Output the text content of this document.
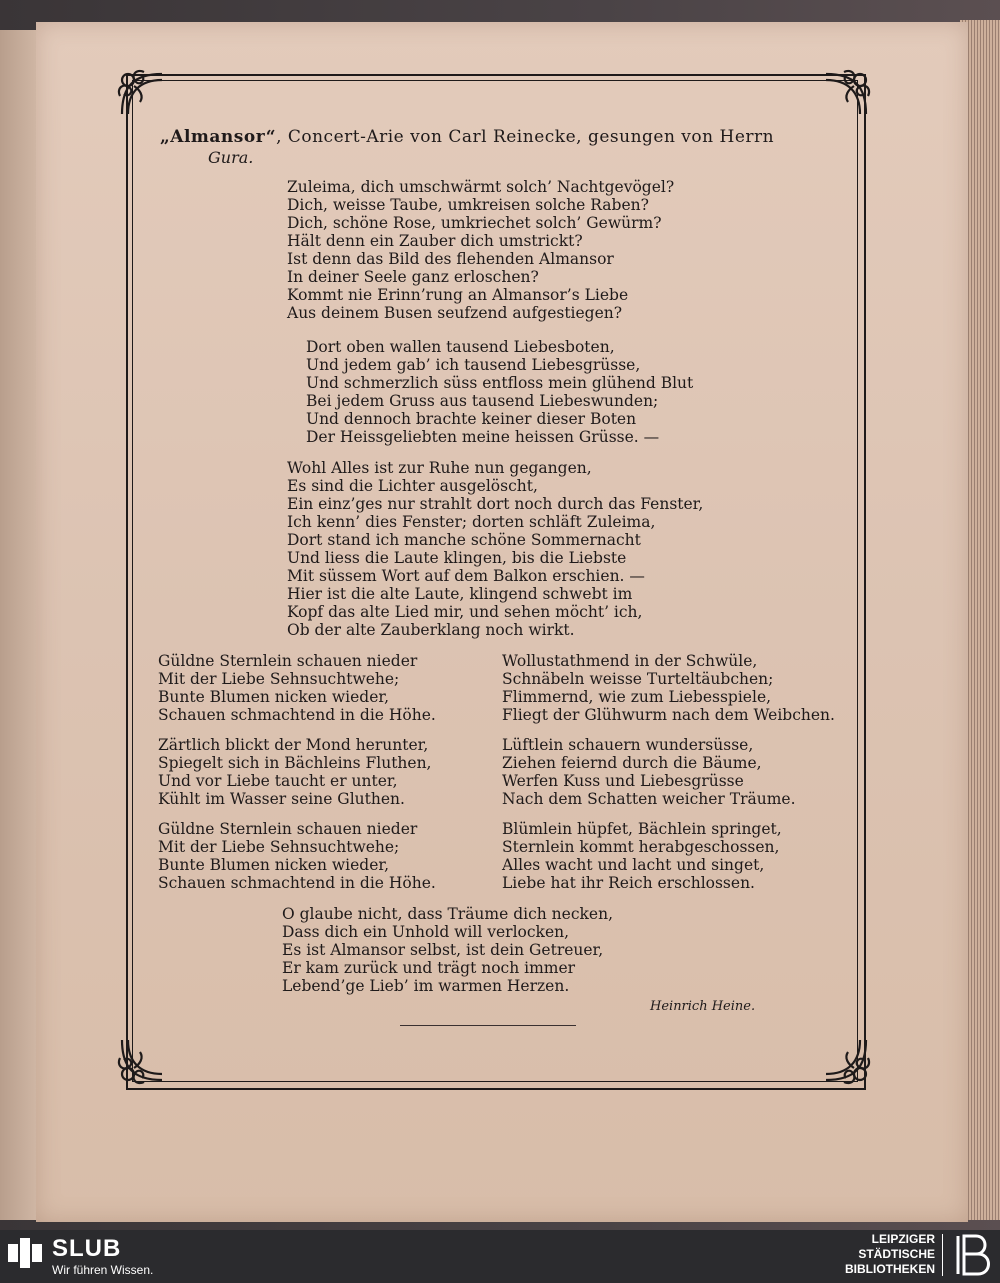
„Almansor“, Concert-Arie von Carl Reinecke, gesungen von Herrn
Gura.
Zuleima, dich umschwärmt solch’ Nachtgevögel?
Dich, weisse Taube, umkreisen solche Raben?
Dich, schöne Rose, umkriechet solch’ Gewürm?
Hält denn ein Zauber dich umstrickt?
Ist denn das Bild des flehenden Almansor
In deiner Seele ganz erloschen?
Kommt nie Erinn’rung an Almansor’s Liebe
Aus deinem Busen seufzend aufgestiegen?
Dort oben wallen tausend Liebesboten,
Und jedem gab’ ich tausend Liebesgrüsse,
Und schmerzlich süss entfloss mein glühend Blut
Bei jedem Gruss aus tausend Liebeswunden;
Und dennoch brachte keiner dieser Boten
Der Heissgeliebten meine heissen Grüsse. —
Wohl Alles ist zur Ruhe nun gegangen,
Es sind die Lichter ausgelöscht,
Ein einz’ges nur strahlt dort noch durch das Fenster,
Ich kenn’ dies Fenster; dorten schläft Zuleima,
Dort stand ich manche schöne Sommernacht
Und liess die Laute klingen, bis die Liebste
Mit süssem Wort auf dem Balkon erschien. —
Hier ist die alte Laute, klingend schwebt im
Kopf das alte Lied mir, und sehen möcht’ ich,
Ob der alte Zauberklang noch wirkt.
Güldne Sternlein schauen nieder
Mit der Liebe Sehnsuchtwehe;
Bunte Blumen nicken wieder,
Schauen schmachtend in die Höhe.
Zärtlich blickt der Mond herunter,
Spiegelt sich in Bächleins Fluthen,
Und vor Liebe taucht er unter,
Kühlt im Wasser seine Gluthen.
Güldne Sternlein schauen nieder
Mit der Liebe Sehnsuchtwehe;
Bunte Blumen nicken wieder,
Schauen schmachtend in die Höhe.
Wollustathmend in der Schwüle,
Schnäbeln weisse Turteltäubchen;
Flimmernd, wie zum Liebesspiele,
Fliegt der Glühwurm nach dem Weibchen.
Lüftlein schauern wundersüsse,
Ziehen feiernd durch die Bäume,
Werfen Kuss und Liebesgrüsse
Nach dem Schatten weicher Träume.
Blümlein hüpfet, Bächlein springet,
Sternlein kommt herabgeschossen,
Alles wacht und lacht und singet,
Liebe hat ihr Reich erschlossen.
O glaube nicht, dass Träume dich necken,
Dass dich ein Unhold will verlocken,
Es ist Almansor selbst, ist dein Getreuer,
Er kam zurück und trägt noch immer
Lebend’ge Lieb’ im warmen Herzen.
Heinrich Heine.
SLUB
Wir führen Wissen.
LEIPZIGER
STÄDTISCHE
BIBLIOTHEKEN
